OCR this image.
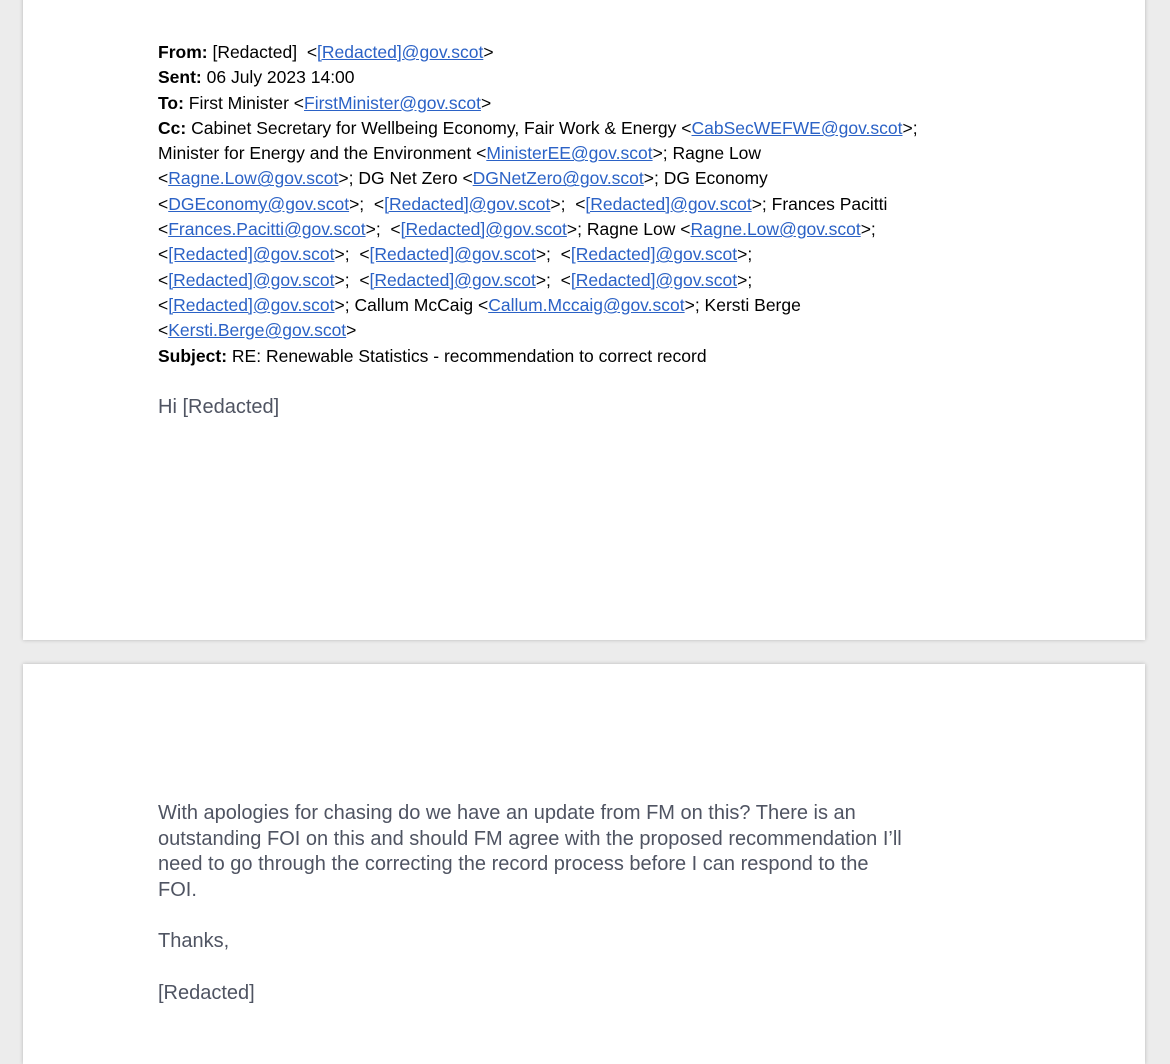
From: [Redacted]  <[Redacted]@gov.scot>
Sent: 06 July 2023 14:00
To: First Minister <FirstMinister@gov.scot>
Cc: Cabinet Secretary for Wellbeing Economy, Fair Work & Energy <CabSecWEFWE@gov.scot>;
Minister for Energy and the Environment <MinisterEE@gov.scot>; Ragne Low
<Ragne.Low@gov.scot>; DG Net Zero <DGNetZero@gov.scot>; DG Economy
<DGEconomy@gov.scot>;  <[Redacted]@gov.scot>;  <[Redacted]@gov.scot>; Frances Pacitti
<Frances.Pacitti@gov.scot>;  <[Redacted]@gov.scot>; Ragne Low <Ragne.Low@gov.scot>;
<[Redacted]@gov.scot>;  <[Redacted]@gov.scot>;  <[Redacted]@gov.scot>;
<[Redacted]@gov.scot>;  <[Redacted]@gov.scot>;  <[Redacted]@gov.scot>;
<[Redacted]@gov.scot>; Callum McCaig <Callum.Mccaig@gov.scot>; Kersti Berge
<Kersti.Berge@gov.scot>
Subject: RE: Renewable Statistics - recommendation to correct record
Hi [Redacted]

With apologies for chasing do we have an update from FM on this? There is an
outstanding FOI on this and should FM agree with the proposed recommendation I’ll
need to go through the correcting the record process before I can respond to the
FOI.

Thanks,

[Redacted]
